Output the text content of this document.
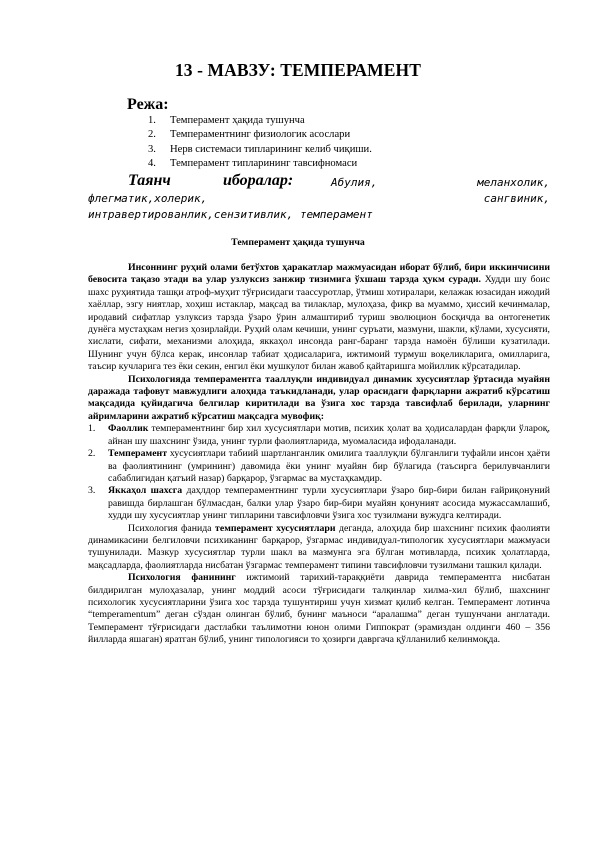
13 - МАВЗУ: ТЕМПЕРАМЕНТ
Режа:
1. Темперамент ҳақида тушунча
2. Темпераментнинг физиологик асослари
3. Нерв системаси типларининг келиб чиқиши.
4. Темперамент типларининг тавсифномаси
Таянч	иборалар:	Абулия,	меланхолик,
флегматик,холерик,	сангвиник,
интравертированлик,сензитивлик, темперамент
Темперамент ҳақида тушунча

Инсоннинг руҳий олами бетўхтов ҳаракатлар мажмуасидан иборат бўлиб, бири иккинчисини бевосита тақазо этади ва улар узлуксиз занжир тизимига ўхшаш тарзда ҳукм суради. Худди шу боис шахс руҳиятида ташқи атроф-муҳит тўғрисидаги таассуротлар, ўтмиш хотиралари, келажак юзасидан ижодий хаёллар, эзгу ниятлар, хоҳиш истаклар, мақсад ва тилаклар, мулоҳаза, фикр ва муаммо, ҳиссий кечинмалар, иродавий сифатлар узлуксиз тарзда ўзаро ўрин алмаштириб туриш эволюцион босқичда ва онтогенетик дунёга мустаҳкам негиз ҳозирлайди. Руҳий олам кечиши, унинг суръати, мазмуни, шакли, кўлами, хусусияти, хислати, сифати, механизми алоҳида, яккаҳол инсонда ранг-баранг тарзда намоён бўлиши кузатилади. Шунинг учун бўлса керак, инсонлар табиат ҳодисаларига, ижтимоий турмуш воқеликларига, омилларига, таъсир кучларига тез ёки секин, енгил ёки мушкулот билан жавоб қайтаришга мойиллик кўрсатадилар.

Психологияда темпераментга тааллуқли индивидуал динамик хусусиятлар ўртасида муайян даражада тафовут мавжудлиги алоҳида таъкидланади, улар орасидаги фарқларни ажратиб кўрсатиш мақсадида қуйидагича белгилар киритилади ва ўзига хос тарзда тавсифлаб берилади, уларнинг айримларини ажратиб кўрсатиш мақсадга мувофиқ:

1. Фаоллик темпераментнинг бир хил хусусиятлари мотив, психик ҳолат ва ҳодисалардан фарқли ўлароқ, айнан шу шахснинг ўзида, унинг турли фаолиятларида, муомаласида ифодаланади.
2. Темперамент хусусиятлари табиий шартланганлик омилига тааллуқли бўлганлиги туфайли инсон ҳаёти ва фаолиятининг (умрининг) давомида ёки унинг муайян бир бўлагида (таъсирга берилувчанлиги сабаблигидан қатъий назар) барқарор, ўзгармас ва мустаҳкамдир.
3. Яккаҳол шахсга даҳлдор темпераментнинг турли хусусиятлари ўзаро бир-бири билан ғайриқонуний равишда бирлашган бўлмасдан, балки улар ўзаро бир-бири муайян қонуният асосида мужассамлашиб, худди шу хусусиятлар унинг типларини тавсифловчи ўзига хос тузилмани вужудга келтиради.

Психология фанида темперамент хусусиятлари деганда, алоҳида бир шахснинг психик фаолияти динамикасини белгиловчи психиканинг барқарор, ўзгармас индивидуал-типологик хусусиятлари мажмуаси тушунилади. Мазкур хусусиятлар турли шакл ва мазмунга эга бўлган мотивларда, психик ҳолатларда, мақсадларда, фаолиятларда нисбатан ўзгармас темперамент типини тавсифловчи тузилмани ташкил қилади.

Психология фанининг ижтимоий тарихий-тараққиёти даврида темпераментга нисбатан билдирилган мулоҳазалар, унинг моддий асоси тўғрисидаги талқинлар хилма-хил бўлиб, шахснинг психологик хусусиятларини ўзига хос тарзда тушунтириш учун хизмат қилиб келган. Темперамент лотинча “temperamentum” деган сўздан олинган бўлиб, бунинг маъноси “аралашма” деган тушунчани англатади. Темперамент тўғрисидаги дастлабки таълимотни юнон олими Гиппократ (эрамиздан олдинги 460 – 356 йилларда яшаган) яратган бўлиб, унинг типологияси то ҳозирги давргача қўлланилиб келинмоқда.
